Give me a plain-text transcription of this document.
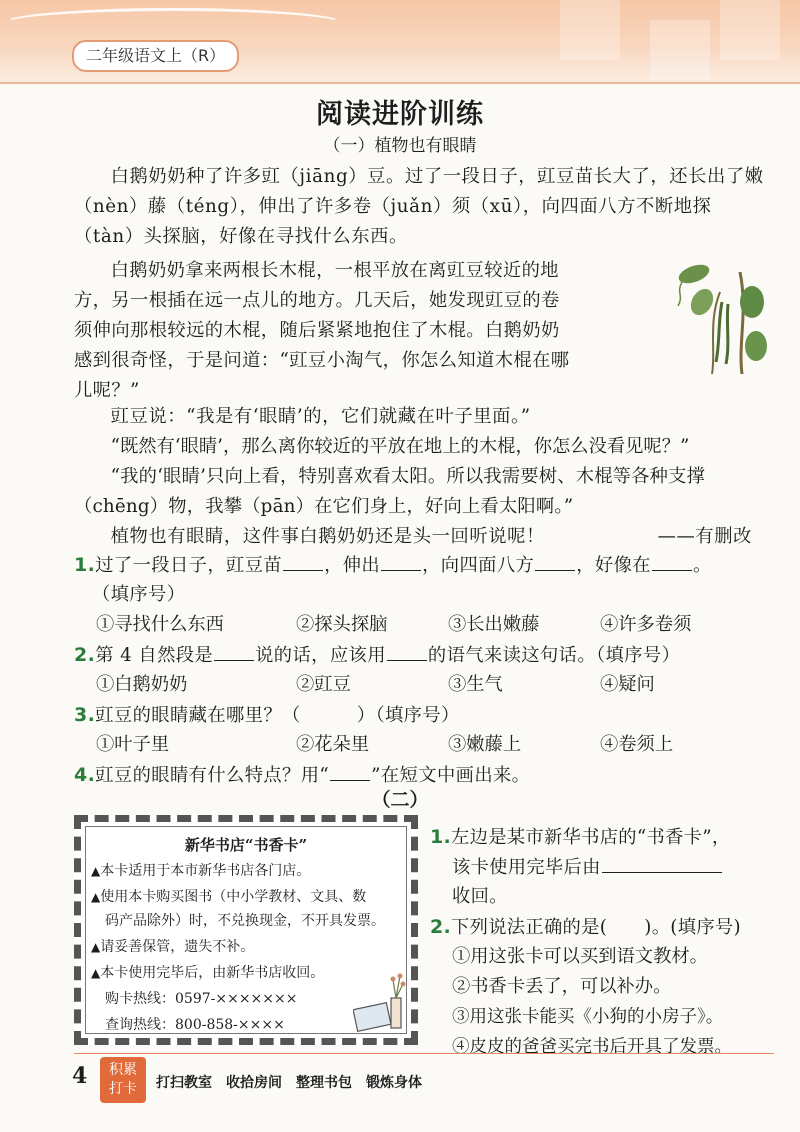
二年级语文上（R）
阅读进阶训练
（一）植物也有眼睛
白鹅奶奶种了许多豇（jiāng）豆。过了一段日子，豇豆苗长大了，还长出了嫩（nèn）藤（téng），伸出了许多卷（juǎn）须（xū），向四面八方不断地探（tàn）头探脑，好像在寻找什么东西。
白鹅奶奶拿来两根长木棍，一根平放在离豇豆较近的地
方，另一根插在远一点儿的地方。几天后，她发现豇豆的卷
须伸向那根较远的木棍，随后紧紧地抱住了木棍。白鹅奶奶
感到很奇怪，于是问道：“豇豆小淘气，你怎么知道木棍在哪
儿呢？”
豇豆说：“我是有‘眼睛’的，它们就藏在叶子里面。”
“既然有‘眼睛’，那么离你较近的平放在地上的木棍，你怎么没看见呢？”
“我的‘眼睛’只向上看，特别喜欢看太阳。所以我需要树、木棍等各种支撑（chēng）物，我攀（pān）在它们身上，好向上看太阳啊。”
植物也有眼睛，这件事白鹅奶奶还是头一回听说呢！	——有删改
1.过了一段日子，豇豆苗 ，伸出 ，向四面八方 ，好像在 。
（填序号）
①寻找什么东西	②探头探脑	③长出嫩藤	④许多卷须
2.第 4 自然段是 说的话，应该用 的语气来读这句话。（填序号）
①白鹅奶奶	②豇豆	③生气	④疑问
3.豇豆的眼睛藏在哪里？（　　　）（填序号）
①叶子里	②花朵里	③嫩藤上	④卷须上
4.豇豆的眼睛有什么特点？用“ ”在短文中画出来。
（二）
新华书店“书香卡”
▲本卡适用于本市新华书店各门店。
▲使用本卡购买图书（中小学教材、文具、数
码产品除外）时，不兑换现金，不开具发票。
▲请妥善保管，遗失不补。
▲本卡使用完毕后，由新华书店收回。
购卡热线：0597-×××××××
查询热线：800-858-××××
1.左边是某市新华书店的“书香卡”，
该卡使用完毕后由
收回。
2.下列说法正确的是(　　)。(填序号)
①用这张卡可以买到语文教材。
②书香卡丢了，可以补办。
③用这张卡能买《小狗的小房子》。
④皮皮的爸爸买完书后开具了发票。
4	积累
打卡	打扫教室　收拾房间　整理书包　锻炼身体
